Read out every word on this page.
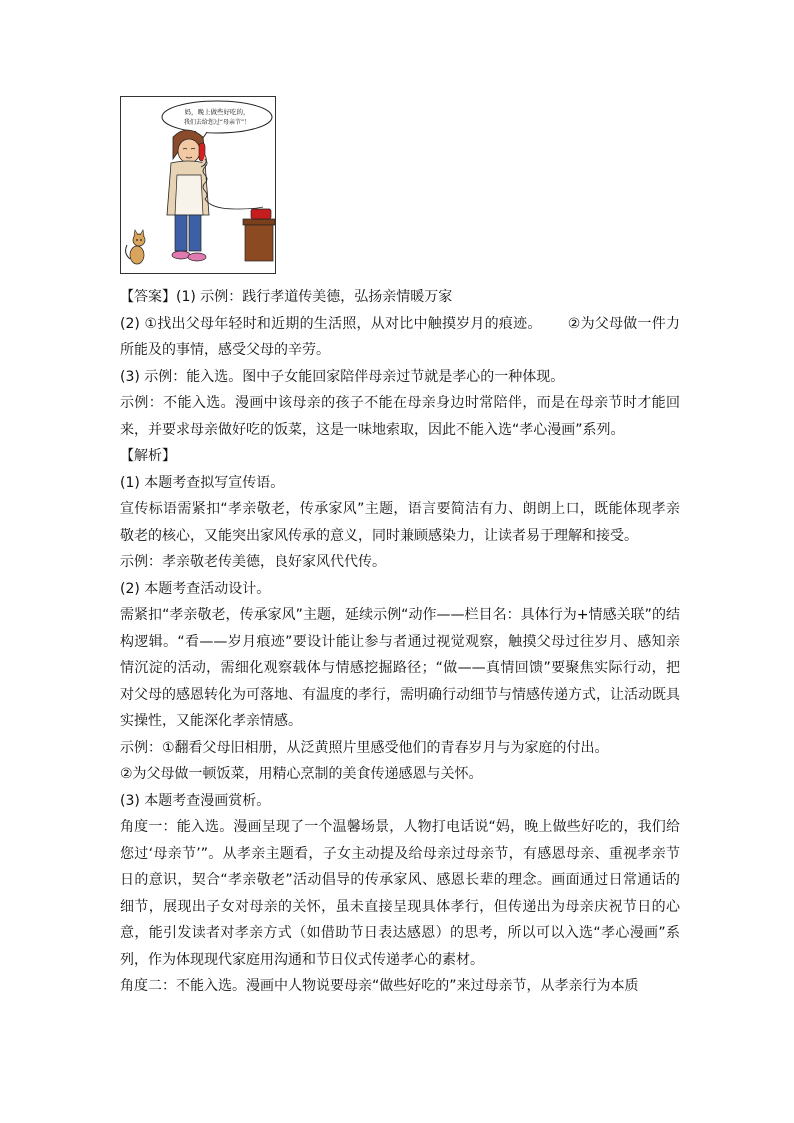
妈，晚上做些好吃的，
我们去给您过“母亲节”！

【答案】(1) 示例：践行孝道传美德，弘扬亲情暖万家

(2) ①找出父母年轻时和近期的生活照，从对比中触摸岁月的痕迹。 ②为父母做一件力所能及的事情，感受父母的辛劳。

(3) 示例：能入选。图中子女能回家陪伴母亲过节就是孝心的一种体现。

示例：不能入选。漫画中该母亲的孩子不能在母亲身边时常陪伴，而是在母亲节时才能回来，并要求母亲做好吃的饭菜，这是一味地索取，因此不能入选“孝心漫画”系列。

【解析】

(1) 本题考查拟写宣传语。

宣传标语需紧扣“孝亲敬老，传承家风”主题，语言要简洁有力、朗朗上口，既能体现孝亲敬老的核心，又能突出家风传承的意义，同时兼顾感染力，让读者易于理解和接受。

示例：孝亲敬老传美德，良好家风代代传。

(2) 本题考查活动设计。

需紧扣“孝亲敬老，传承家风”主题，延续示例“动作——栏目名：具体行为+情感关联”的结构逻辑。“看——岁月痕迹”要设计能让参与者通过视觉观察，触摸父母过往岁月、感知亲情沉淀的活动，需细化观察载体与情感挖掘路径；“做——真情回馈”要聚焦实际行动，把对父母的感恩转化为可落地、有温度的孝行，需明确行动细节与情感传递方式，让活动既具实操性，又能深化孝亲情感。

示例：①翻看父母旧相册，从泛黄照片里感受他们的青春岁月与为家庭的付出。

②为父母做一顿饭菜，用精心烹制的美食传递感恩与关怀。

(3) 本题考查漫画赏析。

角度一：能入选。漫画呈现了一个温馨场景，人物打电话说“妈，晚上做些好吃的，我们给您过‘母亲节’”。从孝亲主题看，子女主动提及给母亲过母亲节，有感恩母亲、重视孝亲节日的意识，契合“孝亲敬老”活动倡导的传承家风、感恩长辈的理念。画面通过日常通话的细节，展现出子女对母亲的关怀，虽未直接呈现具体孝行，但传递出为母亲庆祝节日的心意，能引发读者对孝亲方式（如借助节日表达感恩）的思考，所以可以入选“孝心漫画”系列，作为体现现代家庭用沟通和节日仪式传递孝心的素材。

角度二：不能入选。漫画中人物说要母亲“做些好吃的”来过母亲节，从孝亲行为本质
